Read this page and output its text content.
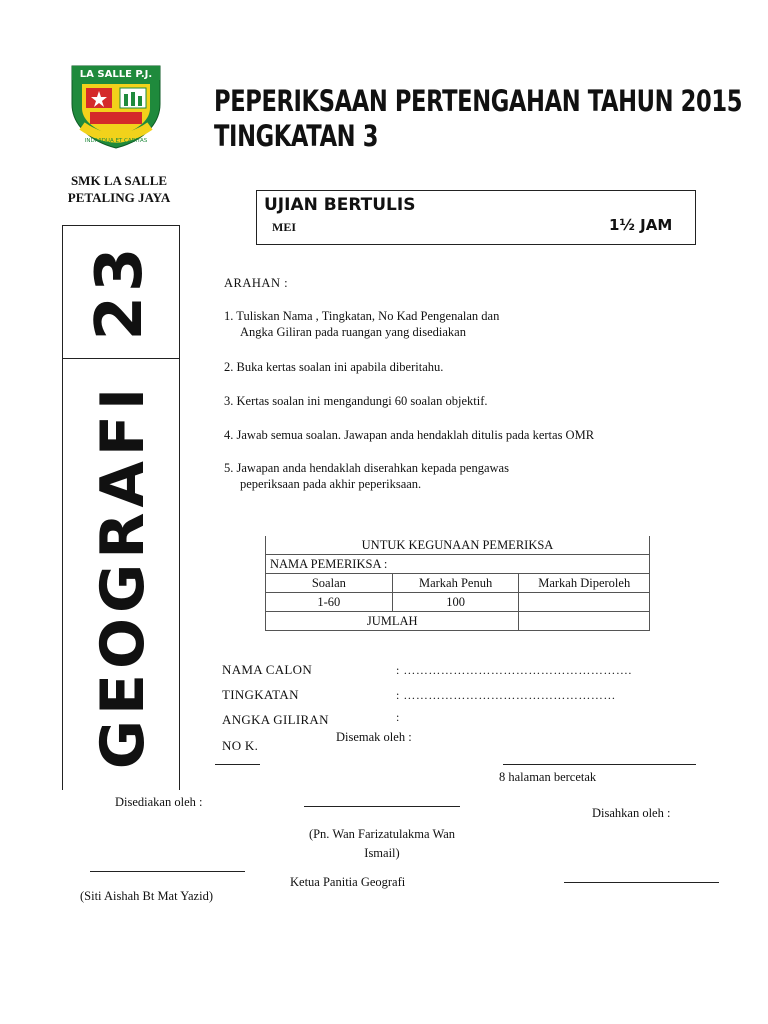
LA SALLE P.J.
INDIVIDUA ET CARITAS
SMK LA SALLE
PETALING JAYA
PEPERIKSAAN PERTENGAHAN TAHUN 2015
TINGKATAN 3
UJIAN BERTULIS
MEI	1½ JAM
23
GEOGRAFI
ARAHAN :
1. Tuliskan Nama , Tingkatan, No Kad Pengenalan dan
Angka Giliran pada ruangan yang disediakan
2. Buka kertas soalan ini apabila diberitahu.
3. Kertas soalan ini mengandungi 60 soalan objektif.
4. Jawab semua soalan. Jawapan anda hendaklah ditulis pada kertas OMR
5. Jawapan anda hendaklah diserahkan kepada pengawas
peperiksaan pada akhir peperiksaan.
UNTUK KEGUNAAN PEMERIKSA		
NAMA PEMERIKSA :		
Soalan	Markah Penuh	Markah Diperoleh
1-60	100	
JUMLAH		
NAMA CALON	: ……………………………………………….
TINGKATAN	: ……………………………………………
ANGKA GILIRAN	:
NO K.
Disemak oleh :
8 halaman bercetak
Disediakan oleh :
Disahkan oleh :
(Pn. Wan Farizatulakma Wan
Ismail)
Ketua Panitia Geografi
(Siti Aishah Bt Mat Yazid)
